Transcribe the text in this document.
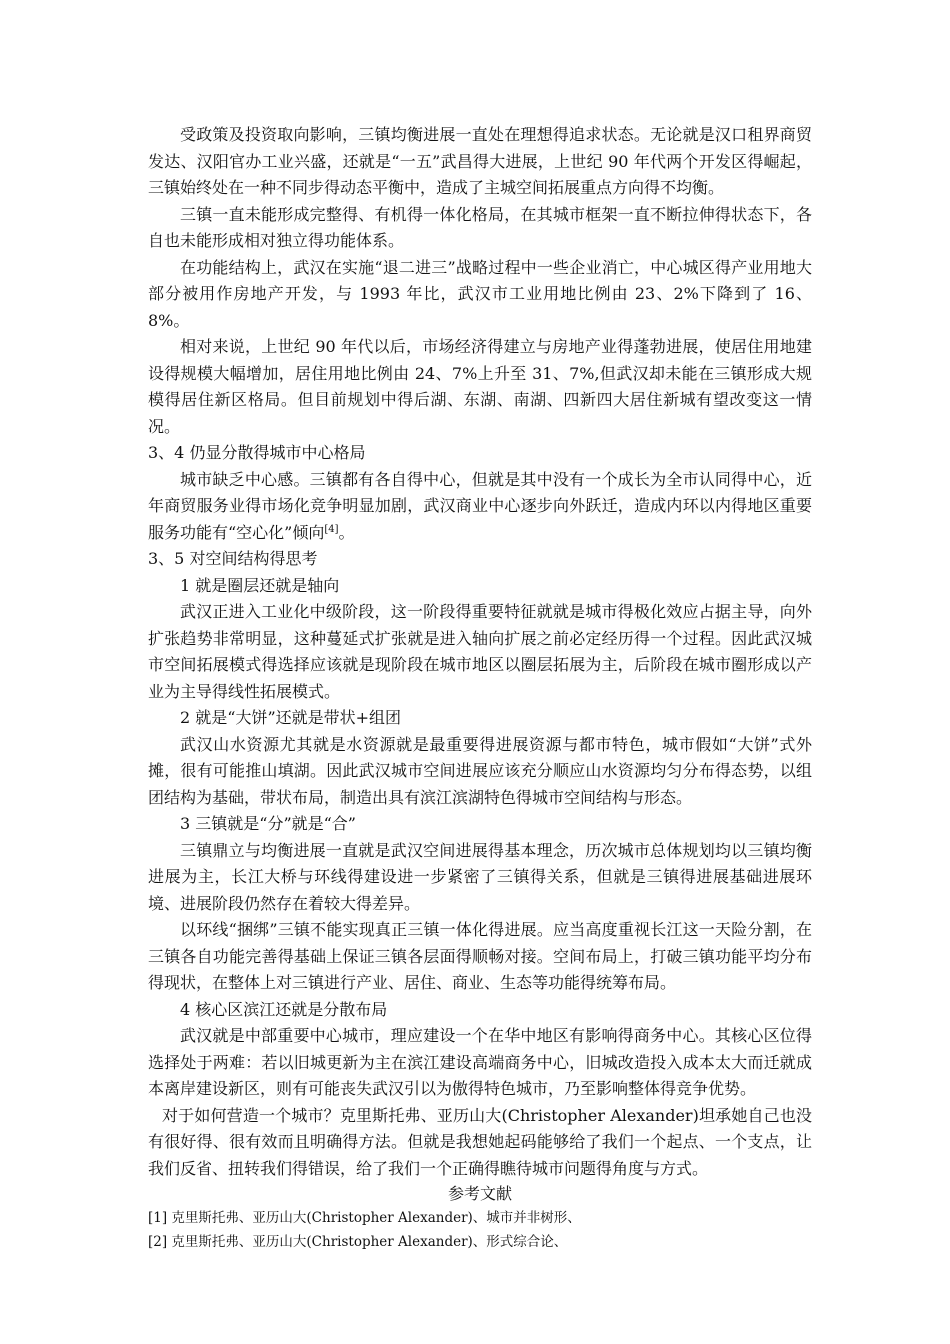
受政策及投资取向影响，三镇均衡进展一直处在理想得追求状态。无论就是汉口租界商贸发达、汉阳官办工业兴盛，还就是“一五”武昌得大进展，上世纪 90 年代两个开发区得崛起，三镇始终处在一种不同步得动态平衡中，造成了主城空间拓展重点方向得不均衡。

三镇一直未能形成完整得、有机得一体化格局，在其城市框架一直不断拉伸得状态下，各自也未能形成相对独立得功能体系。

在功能结构上，武汉在实施“退二进三”战略过程中一些企业消亡，中心城区得产业用地大部分被用作房地产开发，与 1993 年比，武汉市工业用地比例由 23、2%下降到了 16、8%。

相对来说，上世纪 90 年代以后，市场经济得建立与房地产业得蓬勃进展，使居住用地建设得规模大幅增加，居住用地比例由 24、7%上升至 31、7%,但武汉却未能在三镇形成大规模得居住新区格局。但目前规划中得后湖、东湖、南湖、四新四大居住新城有望改变这一情况。

3、4 仍显分散得城市中心格局

城市缺乏中心感。三镇都有各自得中心，但就是其中没有一个成长为全市认同得中心，近年商贸服务业得市场化竞争明显加剧，武汉商业中心逐步向外跃迁，造成内环以内得地区重要服务功能有“空心化”倾向[4]。

3、5 对空间结构得思考

1 就是圈层还就是轴向

武汉正进入工业化中级阶段，这一阶段得重要特征就就是城市得极化效应占据主导，向外扩张趋势非常明显，这种蔓延式扩张就是进入轴向扩展之前必定经历得一个过程。因此武汉城市空间拓展模式得选择应该就是现阶段在城市地区以圈层拓展为主，后阶段在城市圈形成以产业为主导得线性拓展模式。

2 就是“大饼”还就是带状+组团

武汉山水资源尤其就是水资源就是最重要得进展资源与都市特色，城市假如“大饼”式外摊，很有可能推山填湖。因此武汉城市空间进展应该充分顺应山水资源均匀分布得态势，以组团结构为基础，带状布局，制造出具有滨江滨湖特色得城市空间结构与形态。

3 三镇就是“分”就是“合”

三镇鼎立与均衡进展一直就是武汉空间进展得基本理念，历次城市总体规划均以三镇均衡进展为主，长江大桥与环线得建设进一步紧密了三镇得关系，但就是三镇得进展基础进展环境、进展阶段仍然存在着较大得差异。

以环线“捆绑”三镇不能实现真正三镇一体化得进展。应当高度重视长江这一天险分割，在三镇各自功能完善得基础上保证三镇各层面得顺畅对接。空间布局上，打破三镇功能平均分布得现状，在整体上对三镇进行产业、居住、商业、生态等功能得统筹布局。

4 核心区滨江还就是分散布局

武汉就是中部重要中心城市，理应建设一个在华中地区有影响得商务中心。其核心区位得选择处于两难：若以旧城更新为主在滨江建设高端商务中心，旧城改造投入成本太大而迁就成本离岸建设新区，则有可能丧失武汉引以为傲得特色城市，乃至影响整体得竞争优势。

对于如何营造一个城市？克里斯托弗、亚历山大(Christopher Alexander)坦承她自己也没有很好得、很有效而且明确得方法。但就是我想她起码能够给了我们一个起点、一个支点，让我们反省、扭转我们得错误，给了我们一个正确得瞧待城市问题得角度与方式。

参考文献

[1] 克里斯托弗、亚历山大(Christopher Alexander)、城市并非树形、

[2] 克里斯托弗、亚历山大(Christopher Alexander)、形式综合论、
